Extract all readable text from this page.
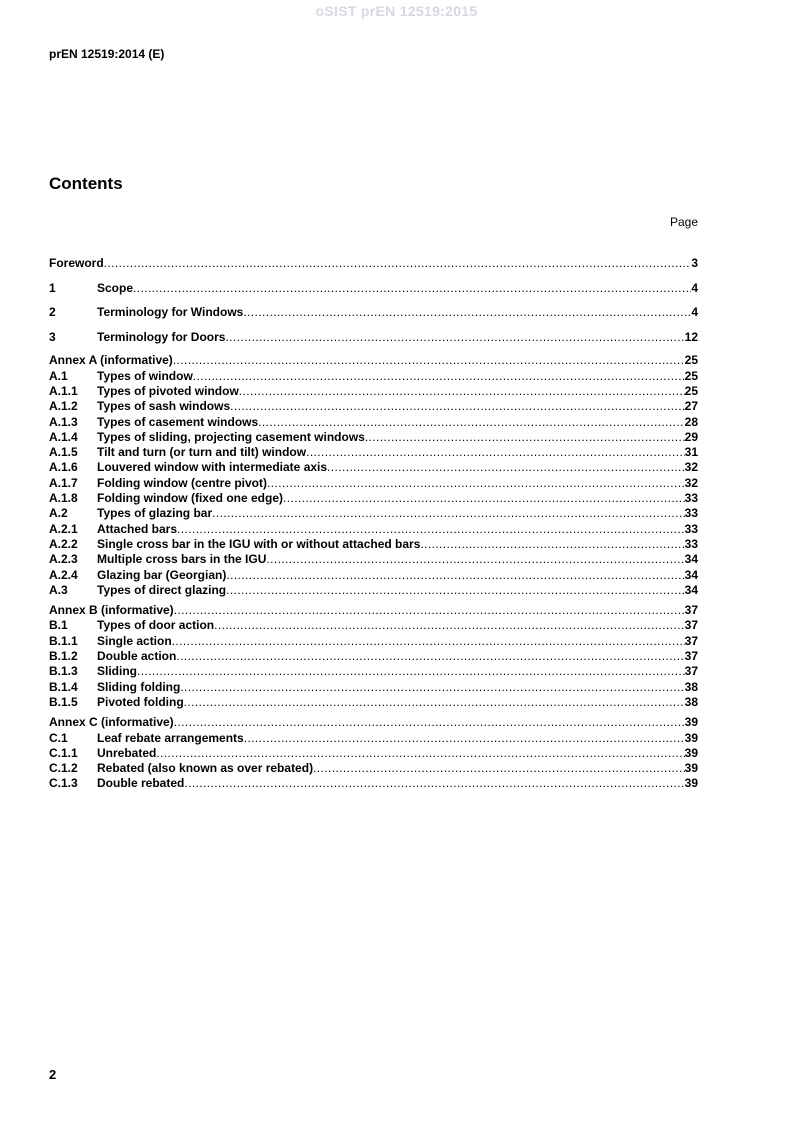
oSIST prEN 12519:2015
prEN 12519:2014 (E)
Contents
Page
Foreword .....	3
1	Scope .....	4
2	Terminology for Windows .....	4
3	Terminology for Doors .....	12
Annex A (informative) .....	25
A.1	Types of window .....	25
A.1.1	Types of pivoted window .....	25
A.1.2	Types of sash windows .....	27
A.1.3	Types of casement windows .....	28
A.1.4	Types of sliding, projecting casement windows .....	29
A.1.5	Tilt and turn (or turn and tilt) window .....	31
A.1.6	Louvered window with intermediate axis .....	32
A.1.7	Folding window (centre pivot) .....	32
A.1.8	Folding window (fixed one edge) .....	33
A.2	Types of glazing bar .....	33
A.2.1	Attached bars .....	33
A.2.2	Single cross bar in the IGU with or without attached bars .....	33
A.2.3	Multiple cross bars in the IGU .....	34
A.2.4	Glazing bar (Georgian) .....	34
A.3	Types of direct glazing .....	34
Annex B (informative) .....	37
B.1	Types of door action .....	37
B.1.1	Single action .....	37
B.1.2	Double action .....	37
B.1.3	Sliding .....	37
B.1.4	Sliding folding .....	38
B.1.5	Pivoted folding .....	38
Annex C (informative) .....	39
C.1	Leaf rebate arrangements .....	39
C.1.1	Unrebated .....	39
C.1.2	Rebated (also known as over rebated) .....	39
C.1.3	Double rebated .....	39
2
